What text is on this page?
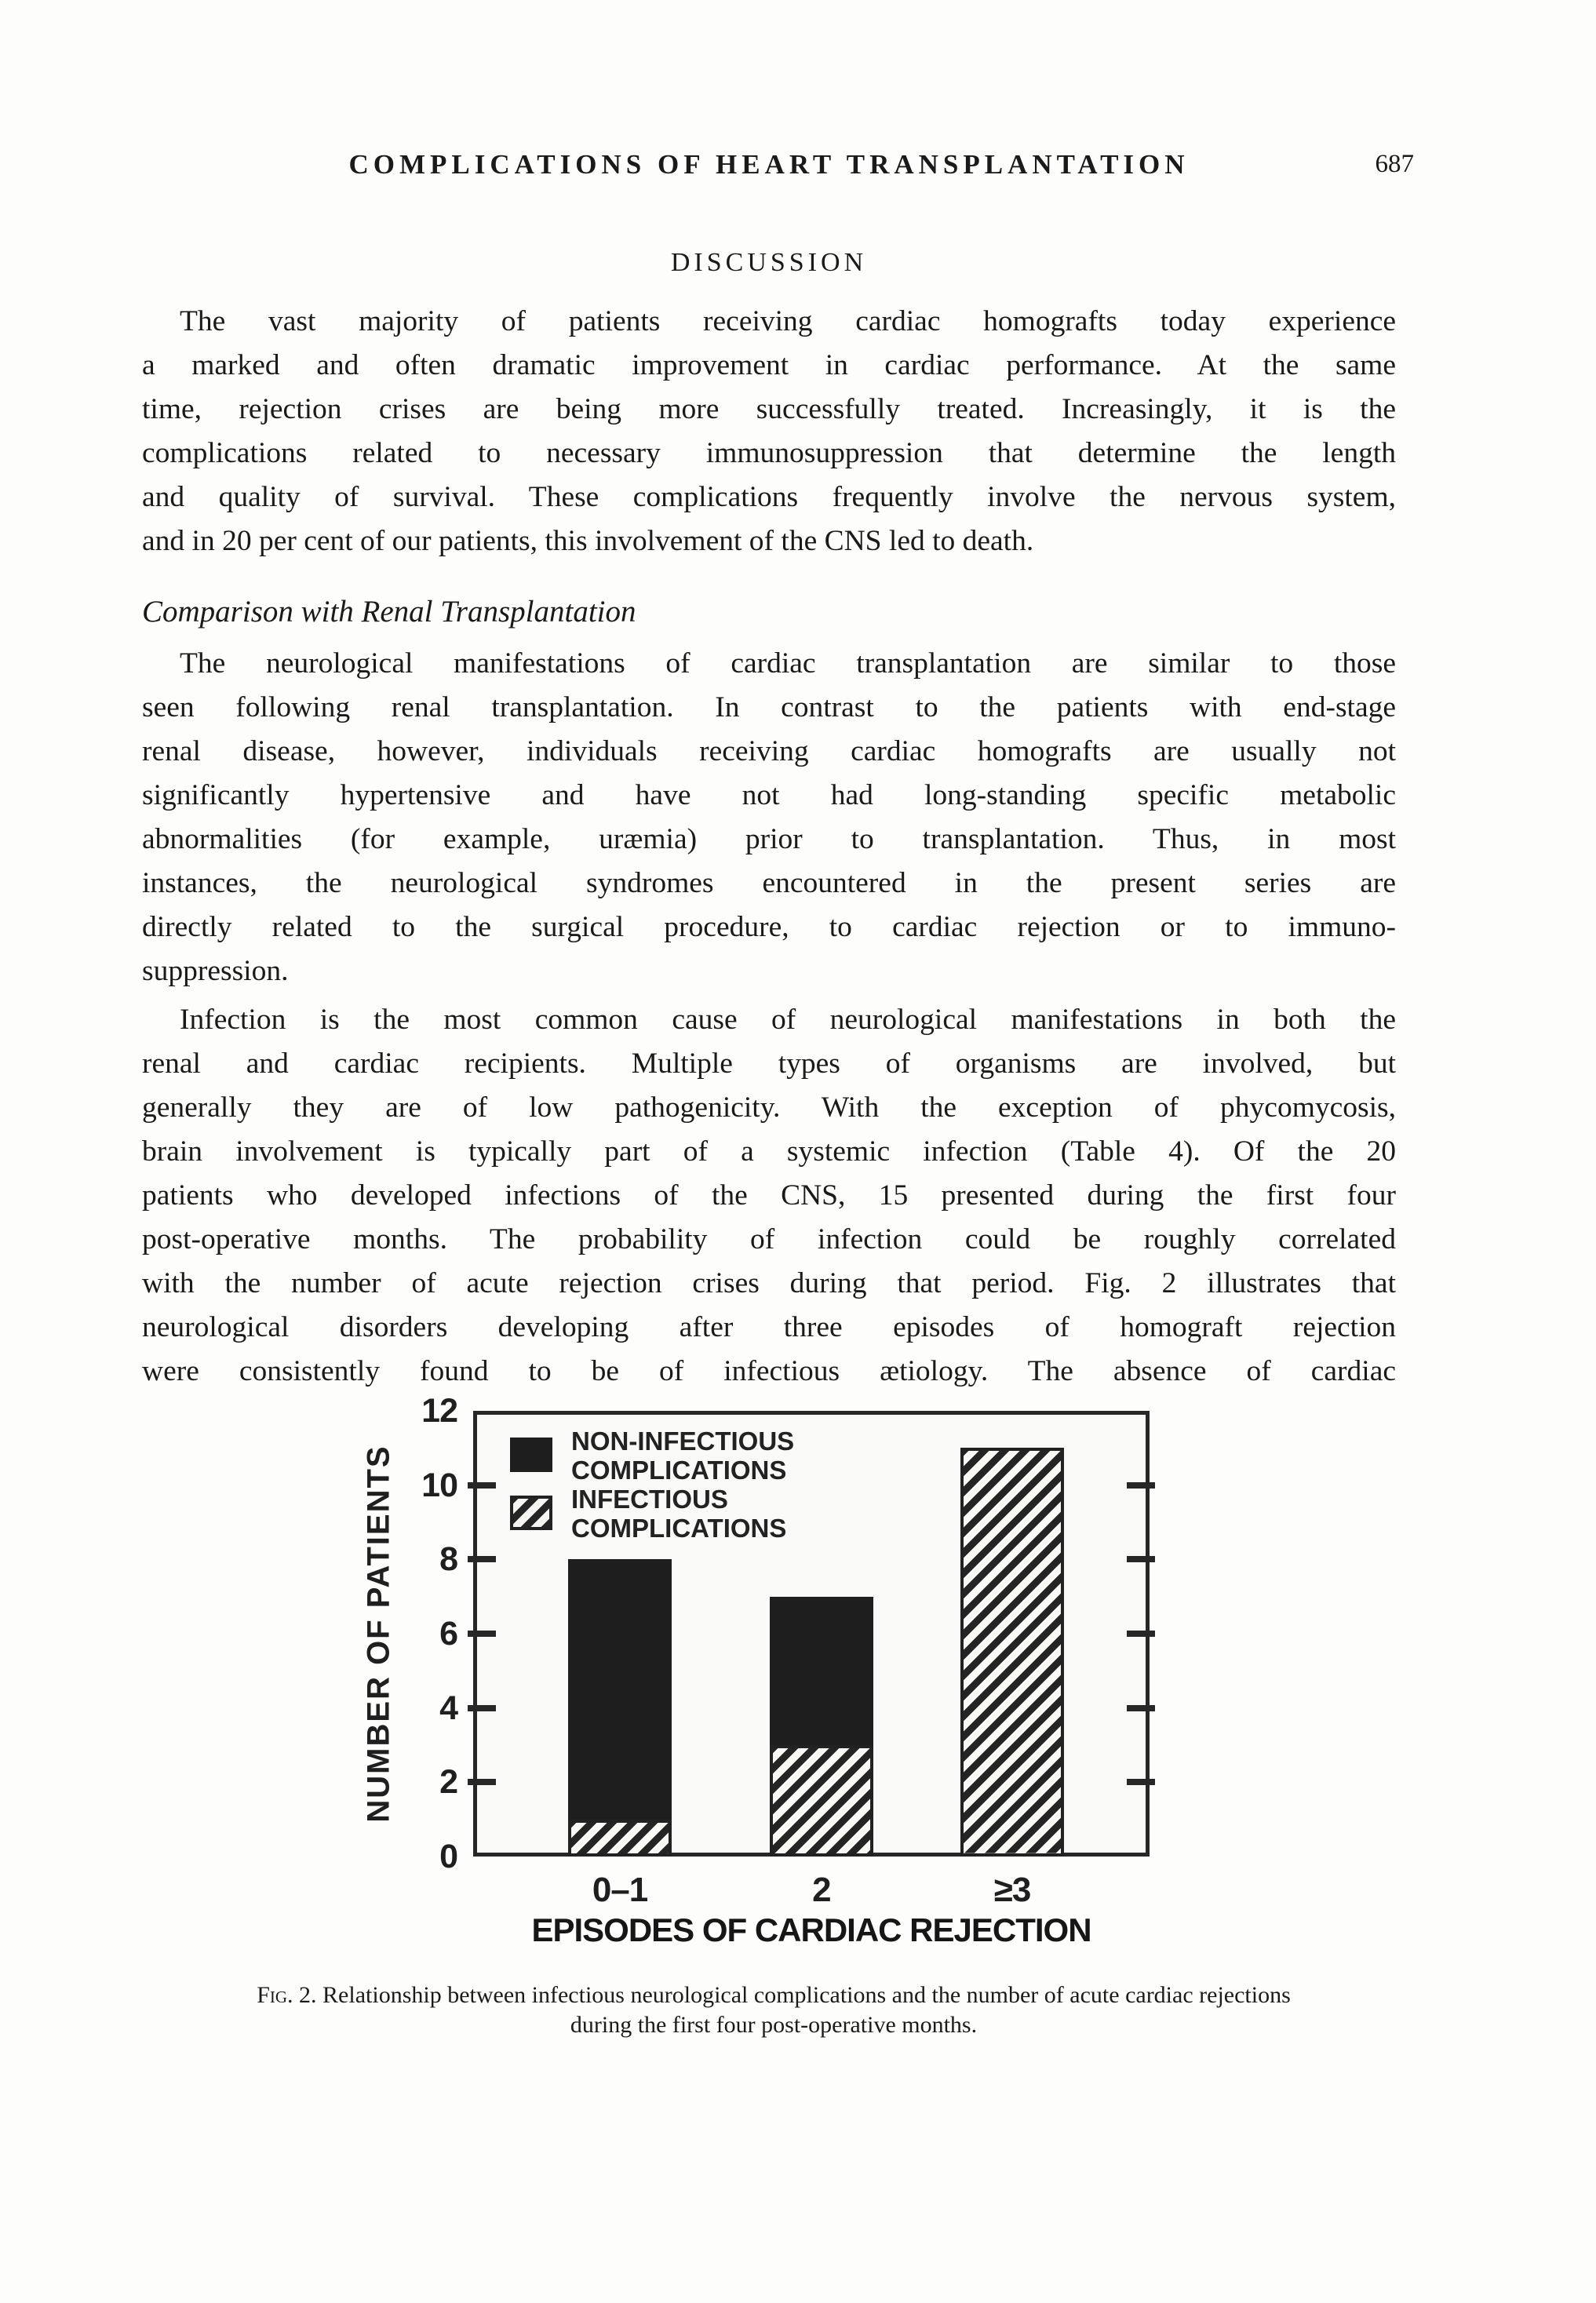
COMPLICATIONS OF HEART TRANSPLANTATION	687
DISCUSSION
The vast majority of patients receiving cardiac homografts today experience
a marked and often dramatic improvement in cardiac performance. At the same
time, rejection crises are being more successfully treated. Increasingly, it is the
complications related to necessary immunosuppression that determine the length
and quality of survival. These complications frequently involve the nervous system,
and in 20 per cent of our patients, this involvement of the CNS led to death.
Comparison with Renal Transplantation
The neurological manifestations of cardiac transplantation are similar to those
seen following renal transplantation. In contrast to the patients with end-stage
renal disease, however, individuals receiving cardiac homografts are usually not
significantly hypertensive and have not had long-standing specific metabolic
abnormalities (for example, uræmia) prior to transplantation. Thus, in most
instances, the neurological syndromes encountered in the present series are
directly related to the surgical procedure, to cardiac rejection or to immuno-
suppression.
Infection is the most common cause of neurological manifestations in both the
renal and cardiac recipients. Multiple types of organisms are involved, but
generally they are of low pathogenicity. With the exception of phycomycosis,
brain involvement is typically part of a systemic infection (Table 4). Of the 20
patients who developed infections of the CNS, 15 presented during the first four
post-operative months. The probability of infection could be roughly correlated
with the number of acute rejection crises during that period. Fig. 2 illustrates that
neurological disorders developing after three episodes of homograft rejection
were consistently found to be of infectious ætiology. The absence of cardiac
NUMBER OF PATIENTS
EPISODES OF CARDIAC REJECTION
NON-INFECTIOUS
COMPLICATIONS
INFECTIOUS
COMPLICATIONS
0
2
4
6
8
10
12
0–1	2	≥3
Fig. 2. Relationship between infectious neurological complications and the number of acute cardiac rejections
during the first four post-operative months.
